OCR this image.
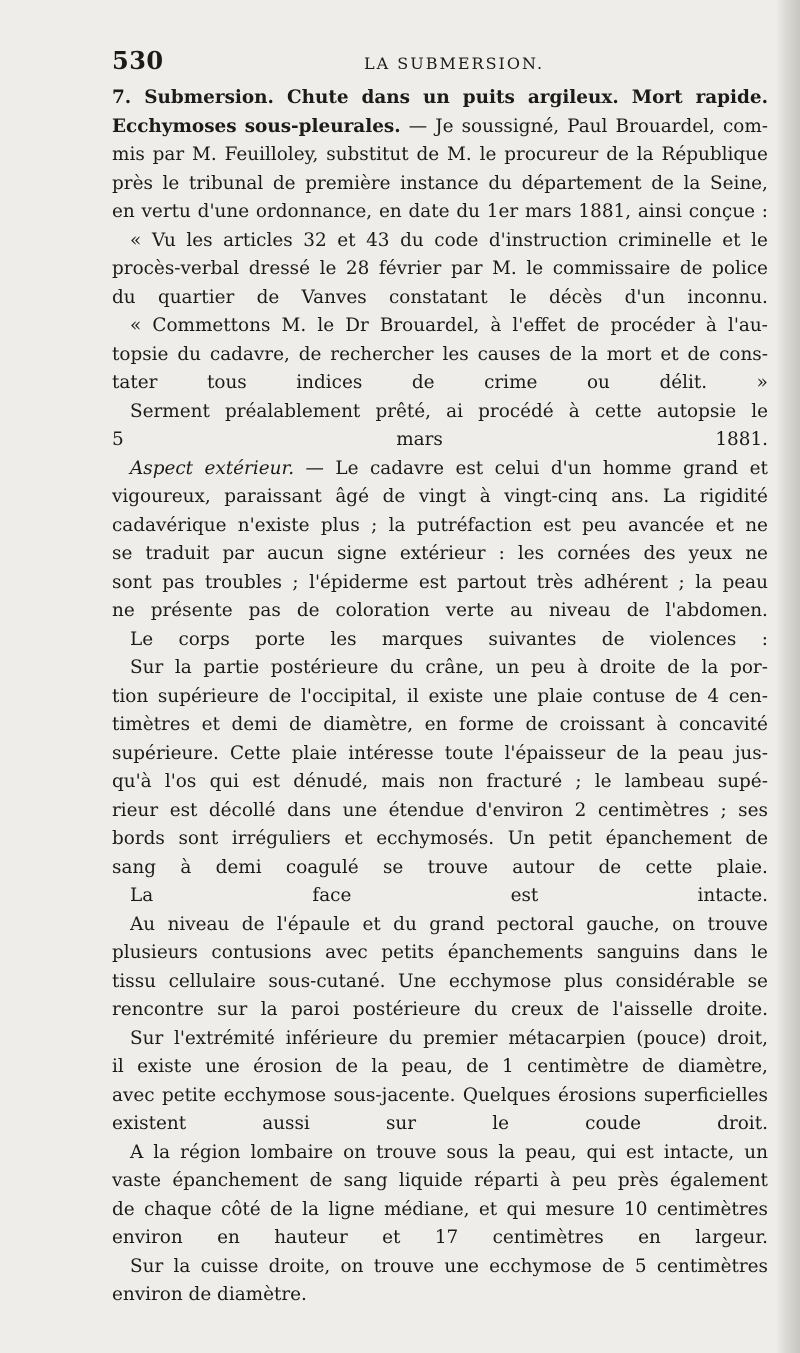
530	LA SUBMERSION.
7. Submersion. Chute dans un puits argileux. Mort rapide.
Ecchymoses sous-pleurales. — Je soussigné, Paul Brouardel, com-
mis par M. Feuilloley, substitut de M. le procureur de la République
près le tribunal de première instance du département de la Seine,
en vertu d'une ordonnance, en date du 1er mars 1881, ainsi conçue :
« Vu les articles 32 et 43 du code d'instruction criminelle et le
procès-verbal dressé le 28 février par M. le commissaire de police
du quartier de Vanves constatant le décès d'un inconnu.
« Commettons M. le Dr Brouardel, à l'effet de procéder à l'au-
topsie du cadavre, de rechercher les causes de la mort et de cons-
tater	tous	indices	de	crime	ou	délit.	»
Serment préalablement prêté, ai procédé à cette autopsie le
5	mars	1881.
Aspect extérieur. — Le cadavre est celui d'un homme grand et
vigoureux, paraissant âgé de vingt à vingt-cinq ans. La rigidité
cadavérique n'existe plus ; la putréfaction est peu avancée et ne
se traduit par aucun signe extérieur : les cornées des yeux ne
sont pas troubles ; l'épiderme est partout très adhérent ; la peau
ne présente pas de coloration verte au niveau de l'abdomen.
Le corps porte les marques suivantes de violences :
Sur la partie postérieure du crâne, un peu à droite de la por-
tion supérieure de l'occipital, il existe une plaie contuse de 4 cen-
timètres et demi de diamètre, en forme de croissant à concavité
supérieure. Cette plaie intéresse toute l'épaisseur de la peau jus-
qu'à l'os qui est dénudé, mais non fracturé ; le lambeau supé-
rieur est décollé dans une étendue d'environ 2 centimètres ; ses
bords sont irréguliers et ecchymosés. Un petit épanchement de
sang à demi coagulé se trouve autour de cette plaie.
La	face	est	intacte.
Au niveau de l'épaule et du grand pectoral gauche, on trouve
plusieurs contusions avec petits épanchements sanguins dans le
tissu cellulaire sous-cutané. Une ecchymose plus considérable se
rencontre sur la paroi postérieure du creux de l'aisselle droite.
Sur l'extrémité inférieure du premier métacarpien (pouce) droit,
il existe une érosion de la peau, de 1 centimètre de diamètre,
avec petite ecchymose sous-jacente. Quelques érosions superficielles
existent	aussi	sur	le	coude	droit.
A la région lombaire on trouve sous la peau, qui est intacte, un
vaste épanchement de sang liquide réparti à peu près également
de chaque côté de la ligne médiane, et qui mesure 10 centimètres
environ en hauteur et 17 centimètres en largeur.
Sur la cuisse droite, on trouve une ecchymose de 5 centimètres
environ de diamètre.
